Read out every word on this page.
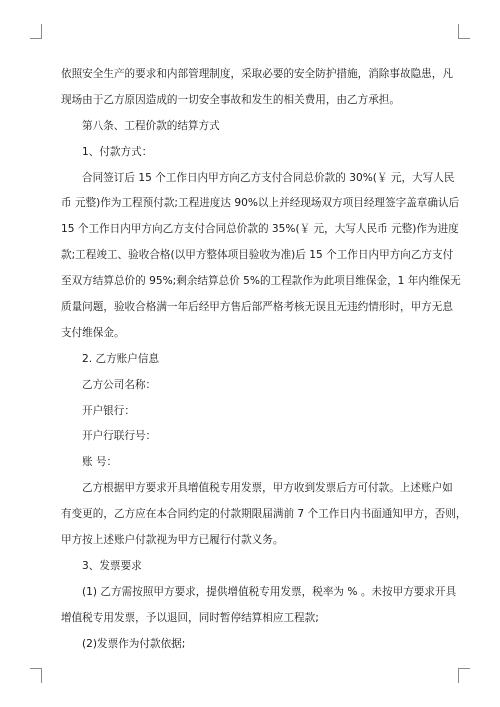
依照安全生产的要求和内部管理制度，采取必要的安全防护措施，消除事故隐患，凡
现场由于乙方原因造成的一切安全事故和发生的相关费用，由乙方承担。
第八条、工程价款的结算方式
1、付款方式：
合同签订后 15 个工作日内甲方向乙方支付合同总价款的 30%(￥ 元，大写人民
币 元整)作为工程预付款;工程进度达 90%以上并经现场双方项目经理签字盖章确认后
15 个工作日内甲方向乙方支付合同总价款的 35%(￥ 元，大写人民币 元整)作为进度
款;工程竣工、验收合格(以甲方整体项目验收为准)后 15 个工作日内甲方向乙方支付
至双方结算总价的 95%;剩余结算总价 5%的工程款作为此项目维保金，1 年内维保无
质量问题，验收合格满一年后经甲方售后部严格考核无误且无违约情形时，甲方无息
支付维保金。
2. 乙方账户信息
乙方公司名称：
开户银行：
开户行联行号：
账 号：
乙方根据甲方要求开具增值税专用发票，甲方收到发票后方可付款。上述账户如
有变更的，乙方应在本合同约定的付款期限届满前 7 个工作日内书面通知甲方，否则，
甲方按上述账户付款视为甲方已履行付款义务。
3、发票要求
(1) 乙方需按照甲方要求，提供增值税专用发票，税率为 % 。未按甲方要求开具
增值税专用发票，予以退回，同时暂停结算相应工程款;
(2)发票作为付款依据;
